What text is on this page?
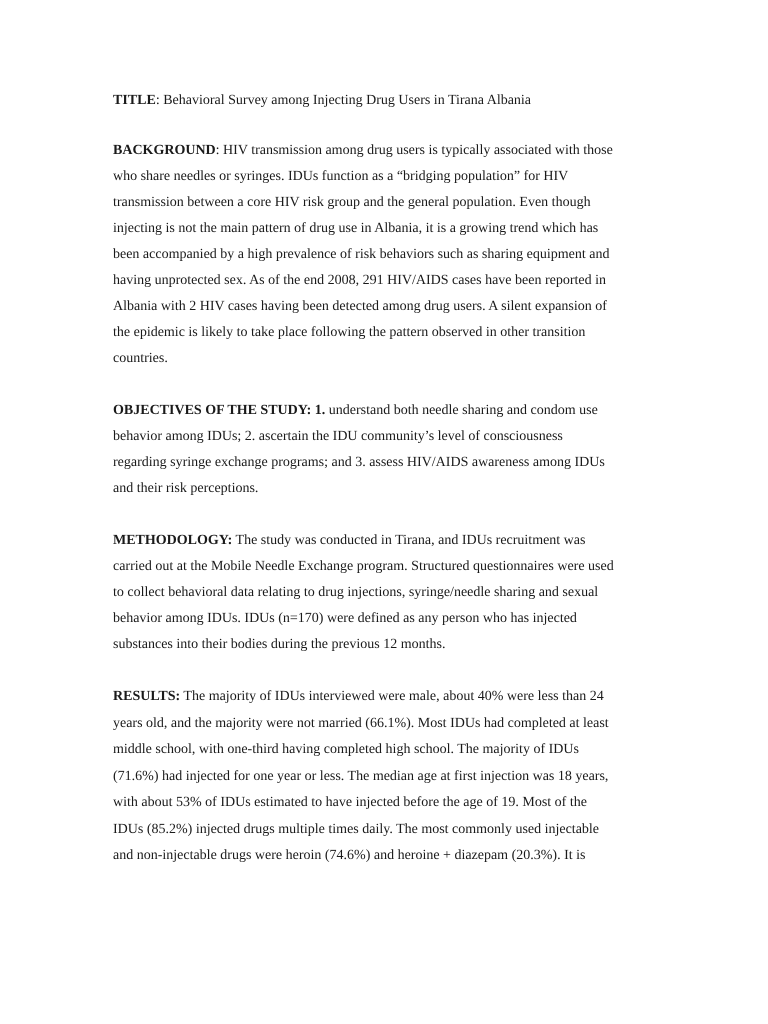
TITLE: Behavioral Survey among Injecting Drug Users in Tirana Albania

BACKGROUND: HIV transmission among drug users is typically associated with those
who share needles or syringes. IDUs function as a “bridging population” for HIV
transmission between a core HIV risk group and the general population. Even though
injecting is not the main pattern of drug use in Albania, it is a growing trend which has
been accompanied by a high prevalence of risk behaviors such as sharing equipment and
having unprotected sex. As of the end 2008, 291 HIV/AIDS cases have been reported in
Albania with 2 HIV cases having been detected among drug users. A silent expansion of
the epidemic is likely to take place following the pattern observed in other transition
countries.

OBJECTIVES OF THE STUDY: 1. understand both needle sharing and condom use
behavior among IDUs; 2. ascertain the IDU community’s level of consciousness
regarding syringe exchange programs; and 3. assess HIV/AIDS awareness among IDUs
and their risk perceptions.

METHODOLOGY: The study was conducted in Tirana, and IDUs recruitment was
carried out at the Mobile Needle Exchange program. Structured questionnaires were used
to collect behavioral data relating to drug injections, syringe/needle sharing and sexual
behavior among IDUs. IDUs (n=170) were defined as any person who has injected
substances into their bodies during the previous 12 months.

RESULTS: The majority of IDUs interviewed were male, about 40% were less than 24
years old, and the majority were not married (66.1%). Most IDUs had completed at least
middle school, with one-third having completed high school. The majority of IDUs
(71.6%) had injected for one year or less. The median age at first injection was 18 years,
with about 53% of IDUs estimated to have injected before the age of 19. Most of the
IDUs (85.2%) injected drugs multiple times daily. The most commonly used injectable
and non-injectable drugs were heroin (74.6%) and heroine + diazepam (20.3%). It is
